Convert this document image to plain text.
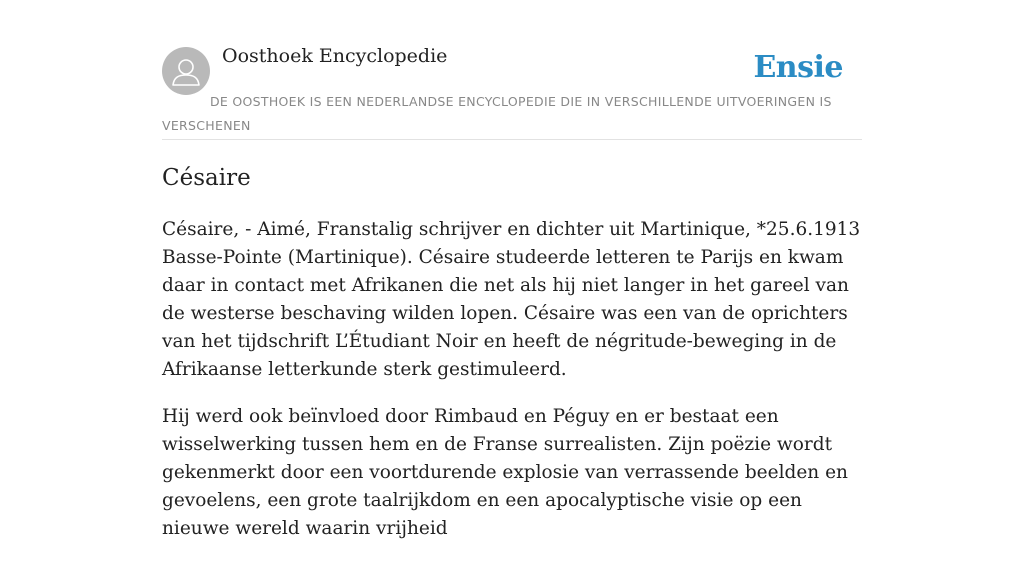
Oosthoek Encyclopedie	Ensie
DE OOSTHOEK IS EEN NEDERLANDSE ENCYCLOPEDIE DIE IN VERSCHILLENDE UITVOERINGEN IS VERSCHENEN
Césaire

Césaire, - Aimé, Franstalig schrijver en dichter uit Martinique, *25.6.1913 Basse-Pointe (Martinique). Césaire studeerde letteren te Parijs en kwam daar in contact met Afrikanen die net als hij niet langer in het gareel van de westerse beschaving wilden lopen. Césaire was een van de oprichters van het tijdschrift L’Étudiant Noir en heeft de négritude-beweging in de Afrikaanse letterkunde sterk gestimuleerd.

Hij werd ook beïnvloed door Rimbaud en Péguy en er bestaat een wisselwerking tussen hem en de Franse surrealisten. Zijn poëzie wordt gekenmerkt door een voortdurende explosie van verrassende beelden en gevoelens, een grote taalrijkdom en een apocalyptische visie op een nieuwe wereld waarin vrijheid
